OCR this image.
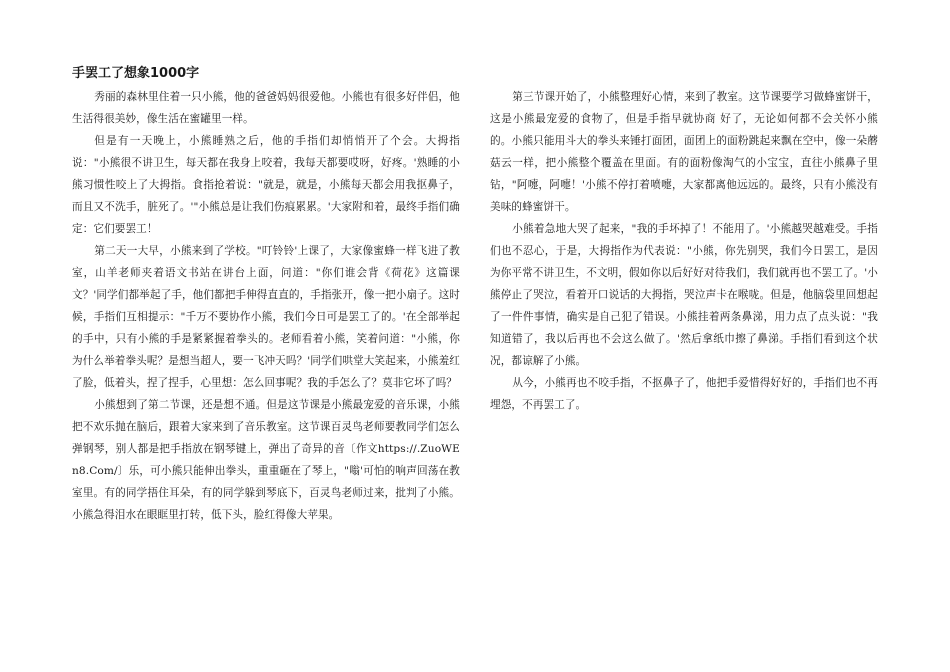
手罢工了想象1000字

秀丽的森林里住着一只小熊，他的爸爸妈妈很爱他。小熊也有很多好伴侣，他生活得很美妙，像生活在蜜罐里一样。

但是有一天晚上，小熊睡熟之后，他的手指们却悄悄开了个会。大拇指说："小熊很不讲卫生，每天都在我身上咬着，我每天都要哎呀，好疼。'熟睡的小熊习惯性咬上了大拇指。食指抢着说："就是，就是，小熊每天都会用我抠鼻子，而且又不洗手，脏死了。'"小熊总是让我们伤痕累累。'大家附和着，最终手指们确定：它们要罢工！

第二天一大早，小熊来到了学校。"叮铃铃'上课了，大家像蜜蜂一样飞进了教室，山羊老师夹着语文书站在讲台上面，问道："你们谁会背《荷花》这篇课文？'同学们都举起了手，他们都把手伸得直直的，手指张开，像一把小扇子。这时候，手指们互相提示："千万不要协作小熊，我们今日可是罢工了的。'在全部举起的手中，只有小熊的手是紧紧握着拳头的。老师看着小熊，笑着问道："小熊，你为什么举着拳头呢？是想当超人，要一飞冲天吗？'同学们哄堂大笑起来，小熊羞红了脸，低着头，捏了捏手，心里想：怎么回事呢？我的手怎么了？莫非它坏了吗？

小熊想到了第二节课，还是想不通。但是这节课是小熊最宠爱的音乐课，小熊把不欢乐抛在脑后，跟着大家来到了音乐教室。这节课百灵鸟老师要教同学们怎么弹钢琴，别人都是把手指放在钢琴键上，弹出了奇异的音〔作文https://.ZuoWEn8.Com/〕乐，可小熊只能伸出拳头，重重砸在了琴上，"嗡'可怕的响声回荡在教室里。有的同学捂住耳朵，有的同学躲到琴底下，百灵鸟老师过来，批判了小熊。小熊急得泪水在眼眶里打转，低下头，脸红得像大苹果。

第三节课开始了，小熊整理好心情，来到了教室。这节课要学习做蜂蜜饼干，这是小熊最宠爱的食物了，但是手指早就协商 好了，无论如何都不会关怀小熊的。小熊只能用斗大的拳头来锤打面团，面团上的面粉跳起来飘在空中，像一朵蘑菇云一样，把小熊整个覆盖在里面。有的面粉像淘气的小宝宝，直往小熊鼻子里钻，"阿嚏，阿嚏！'小熊不停打着喷嚏，大家都离他远远的。最终，只有小熊没有美味的蜂蜜饼干。

小熊着急地大哭了起来，"我的手坏掉了！不能用了。'小熊越哭越难受。手指们也不忍心，于是，大拇指作为代表说："小熊，你先别哭，我们今日罢工，是因为你平常不讲卫生，不文明，假如你以后好好对待我们，我们就再也不罢工了。'小熊停止了哭泣，看着开口说话的大拇指，哭泣声卡在喉咙。但是，他脑袋里回想起了一件件事情，确实是自己犯了错误。小熊挂着两条鼻涕，用力点了点头说："我知道错了，我以后再也不会这么做了。'然后拿纸巾擦了鼻涕。手指们看到这个状况，都谅解了小熊。

从今，小熊再也不咬手指，不抠鼻子了，他把手爱惜得好好的，手指们也不再埋怨，不再罢工了。
